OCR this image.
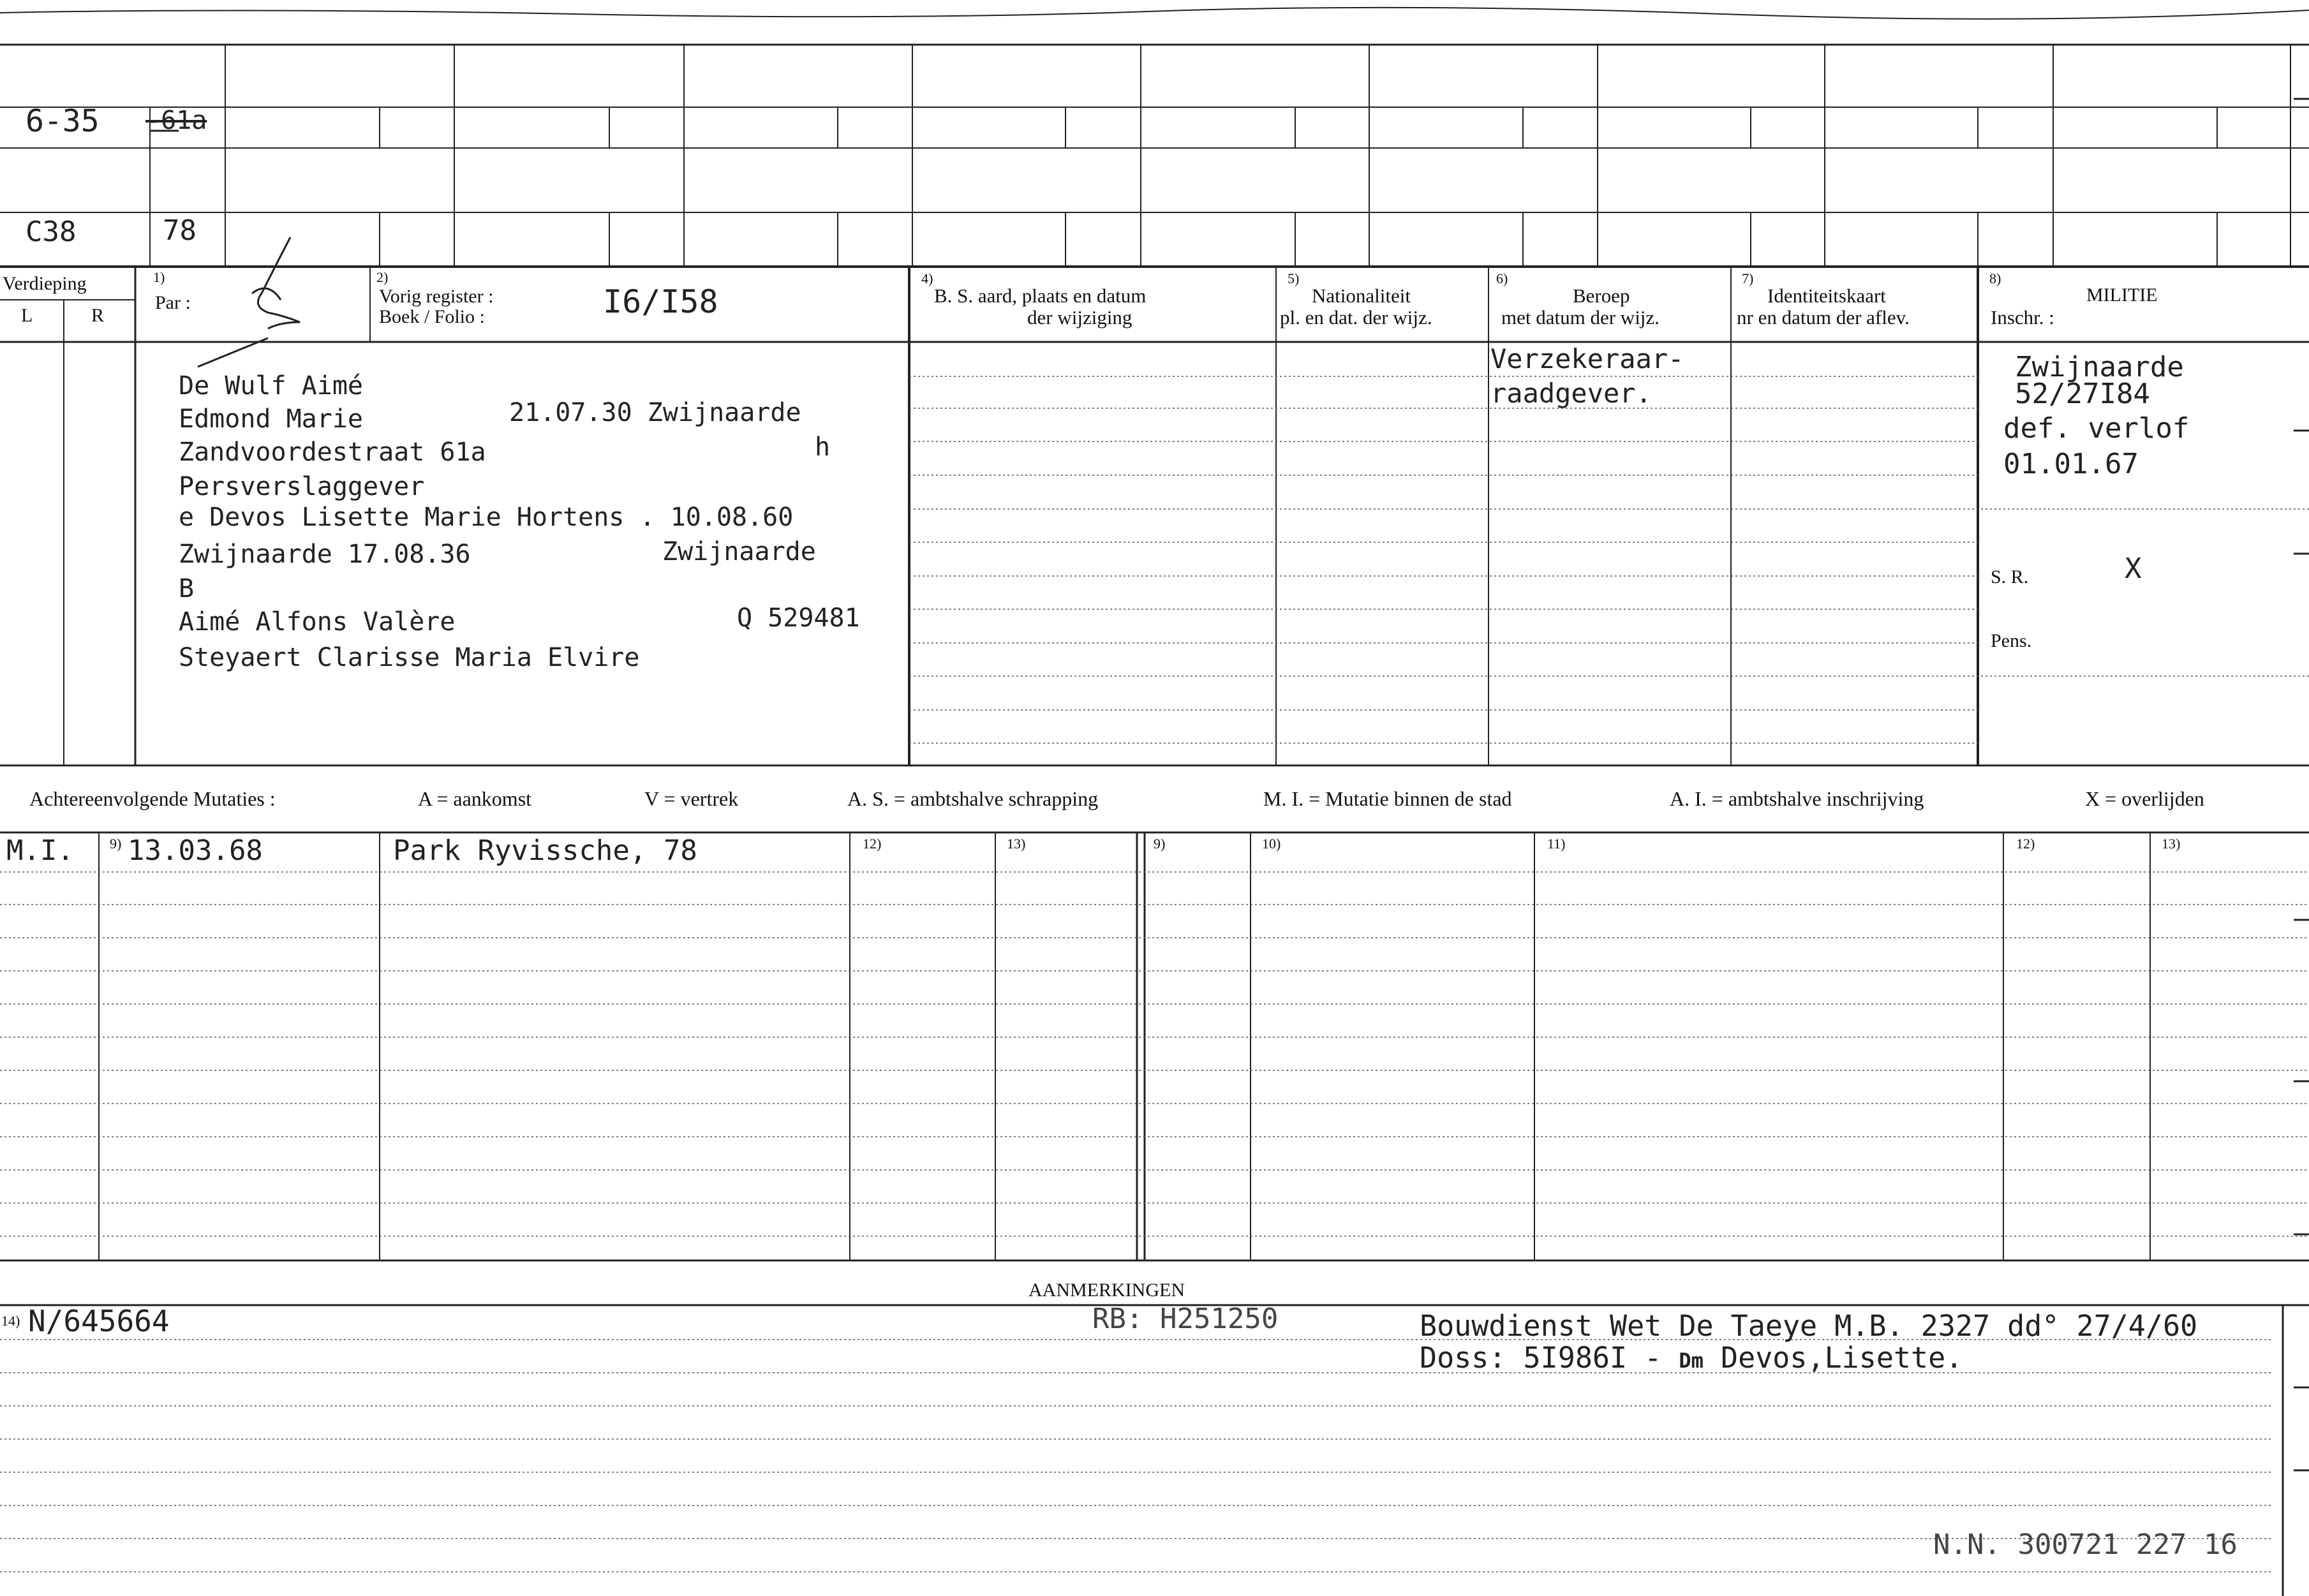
6-35 -61a
C38	78
Verdieping
L	R
1)
Par :
2)
Vorig register :
Boek / Folio :	I6/I58
4)
B. S. aard, plaats en datum
der wijziging
5)
Nationaliteit
pl. en dat. der wijz.
6)
Beroep
met datum der wijz.
7)
Identiteitskaart
nr en datum der aflev.
8)
MILITIE
Inschr. :
De Wulf Aimé
Edmond Marie	21.07.30 Zwijnaarde
Zandvoordestraat 61a	h
Persverslaggever
e Devos Lisette Marie Hortens . 10.08.60
Zwijnaarde 17.08.36	Zwijnaarde
B
Aimé Alfons Valère	Q 529481
Steyaert Clarisse Maria Elvire
Verzekeraar-
raadgever.
Zwijnaarde
52/27I84
def. verlof
01.01.67
S. R.	X
Pens.
Achtereenvolgende Mutaties :	A = aankomst	V = vertrek	A. S. = ambtshalve schrapping	M. I. = Mutatie binnen de stad	A. I. = ambtshalve inschrijving	X = overlijden
9)	12)	13)	9)	10)	11)	12)	13)
M.I. 13.03.68	Park Ryvissche, 78
AANMERKINGEN
14) N/645664	RB: H251250	Bouwdienst Wet De Taeye M.B. 2327 dd° 27/4/60
Doss: 5I986I - Dm Devos,Lisette.
N.N. 300721 227 16
